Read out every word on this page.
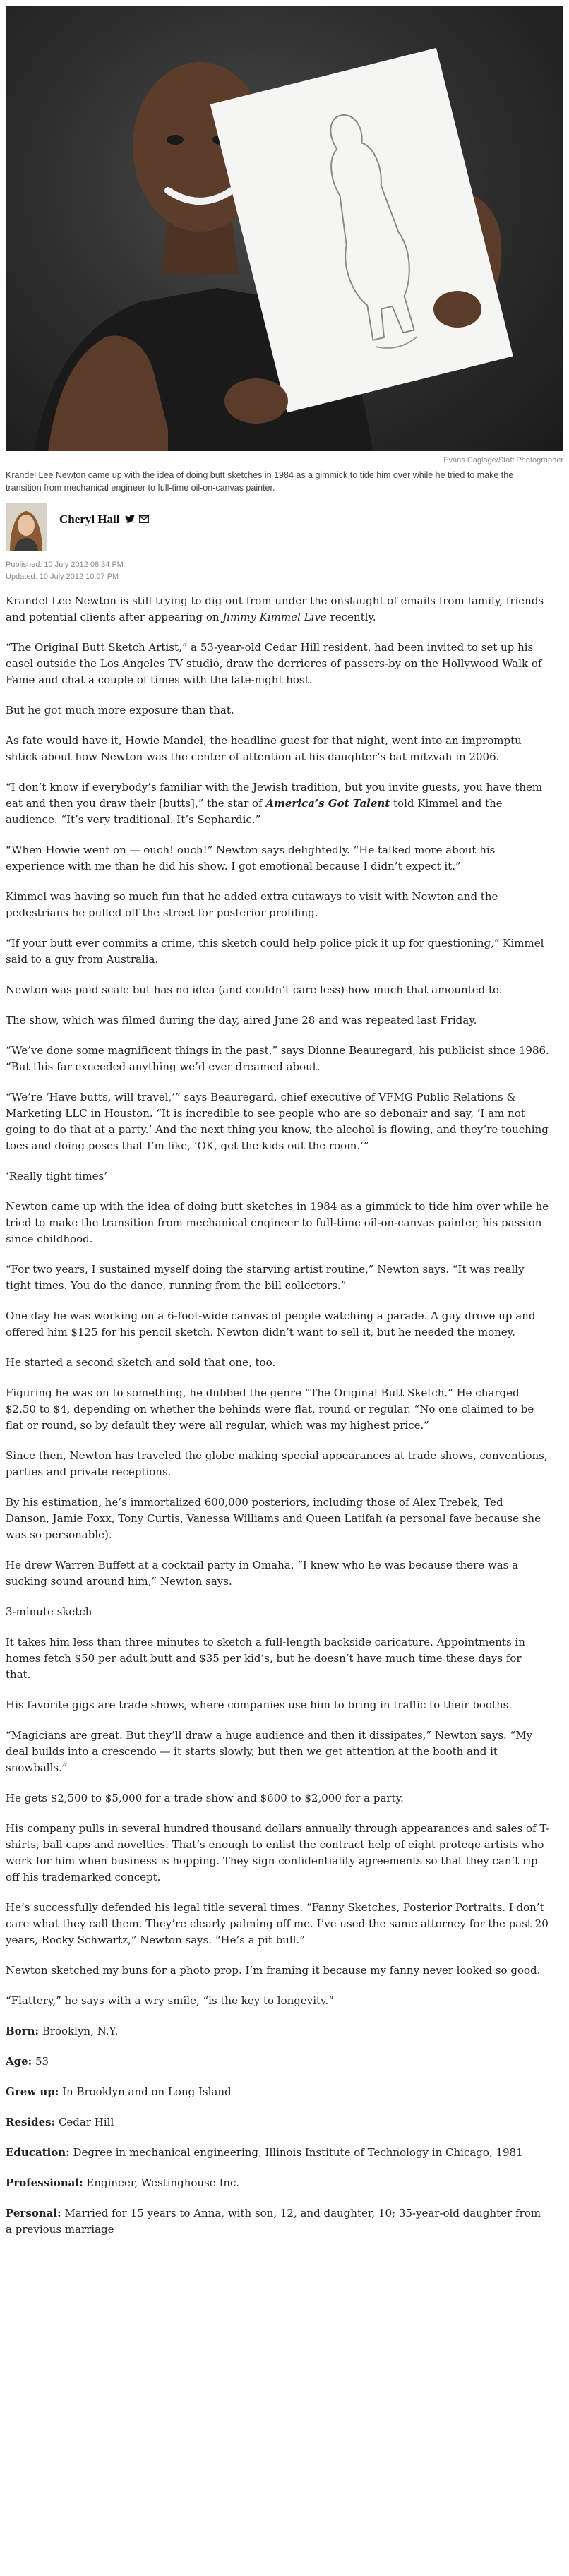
Evans Caglage/Staff Photographer
Krandel Lee Newton came up with the idea of doing butt sketches in 1984 as a gimmick to tide him over while he tried to make the transition from mechanical engineer to full-time oil-on-canvas painter.
Cheryl Hall
Published: 10 July 2012 08:34 PM
Updated: 10 July 2012 10:07 PM

Krandel Lee Newton is still trying to dig out from under the onslaught of emails from family, friends and potential clients after appearing on Jimmy Kimmel Live recently.

“The Original Butt Sketch Artist,” a 53-year-old Cedar Hill resident, had been invited to set up his easel outside the Los Angeles TV studio, draw the derrieres of passers-by on the Hollywood Walk of Fame and chat a couple of times with the late-night host.

But he got much more exposure than that.

As fate would have it, Howie Mandel, the headline guest for that night, went into an impromptu shtick about how Newton was the center of attention at his daughter’s bat mitzvah in 2006.

“I don’t know if everybody’s familiar with the Jewish tradition, but you invite guests, you have them eat and then you draw their [butts],” the star of America’s Got Talent told Kimmel and the audience. “It’s very traditional. It’s Sephardic.”

“When Howie went on — ouch! ouch!” Newton says delightedly. “He talked more about his experience with me than he did his show. I got emotional because I didn’t expect it.”

Kimmel was having so much fun that he added extra cutaways to visit with Newton and the pedestrians he pulled off the street for posterior profiling.

“If your butt ever commits a crime, this sketch could help police pick it up for questioning,” Kimmel said to a guy from Australia.

Newton was paid scale but has no idea (and couldn’t care less) how much that amounted to.

The show, which was filmed during the day, aired June 28 and was repeated last Friday.

“We’ve done some magnificent things in the past,” says Dionne Beauregard, his publicist since 1986. “But this far exceeded anything we’d ever dreamed about.

“We’re ‘Have butts, will travel,’” says Beauregard, chief executive of VFMG Public Relations & Marketing LLC in Houston. “It is incredible to see people who are so debonair and say, ‘I am not going to do that at a party.’ And the next thing you know, the alcohol is flowing, and they’re touching toes and doing poses that I’m like, ‘OK, get the kids out the room.’”

‘Really tight times’

Newton came up with the idea of doing butt sketches in 1984 as a gimmick to tide him over while he tried to make the transition from mechanical engineer to full-time oil-on-canvas painter, his passion since childhood.

“For two years, I sustained myself doing the starving artist routine,” Newton says. “It was really tight times. You do the dance, running from the bill collectors.”

One day he was working on a 6-foot-wide canvas of people watching a parade. A guy drove up and offered him $125 for his pencil sketch. Newton didn’t want to sell it, but he needed the money.

He started a second sketch and sold that one, too.

Figuring he was on to something, he dubbed the genre “The Original Butt Sketch.” He charged $2.50 to $4, depending on whether the behinds were flat, round or regular. “No one claimed to be flat or round, so by default they were all regular, which was my highest price.”

Since then, Newton has traveled the globe making special appearances at trade shows, conventions, parties and private receptions.

By his estimation, he’s immortalized 600,000 posteriors, including those of Alex Trebek, Ted Danson, Jamie Foxx, Tony Curtis, Vanessa Williams and Queen Latifah (a personal fave because she was so personable).

He drew Warren Buffett at a cocktail party in Omaha. “I knew who he was because there was a sucking sound around him,” Newton says.

3-minute sketch

It takes him less than three minutes to sketch a full-length backside caricature. Appointments in homes fetch $50 per adult butt and $35 per kid’s, but he doesn’t have much time these days for that.

His favorite gigs are trade shows, where companies use him to bring in traffic to their booths.

“Magicians are great. But they’ll draw a huge audience and then it dissipates,” Newton says. “My deal builds into a crescendo — it starts slowly, but then we get attention at the booth and it snowballs.”

He gets $2,500 to $5,000 for a trade show and $600 to $2,000 for a party.

His company pulls in several hundred thousand dollars annually through appearances and sales of T-shirts, ball caps and novelties. That’s enough to enlist the contract help of eight protege artists who work for him when business is hopping. They sign confidentiality agreements so that they can’t rip off his trademarked concept.

He’s successfully defended his legal title several times. “Fanny Sketches, Posterior Portraits. I don’t care what they call them. They’re clearly palming off me. I’ve used the same attorney for the past 20 years, Rocky Schwartz,” Newton says. “He’s a pit bull.”

Newton sketched my buns for a photo prop. I’m framing it because my fanny never looked so good.

“Flattery,” he says with a wry smile, “is the key to longevity.”

Born: Brooklyn, N.Y.

Age: 53

Grew up: In Brooklyn and on Long Island

Resides: Cedar Hill

Education: Degree in mechanical engineering, Illinois Institute of Technology in Chicago, 1981

Professional: Engineer, Westinghouse Inc.

Personal: Married for 15 years to Anna, with son, 12, and daughter, 10; 35-year-old daughter from a previous marriage
